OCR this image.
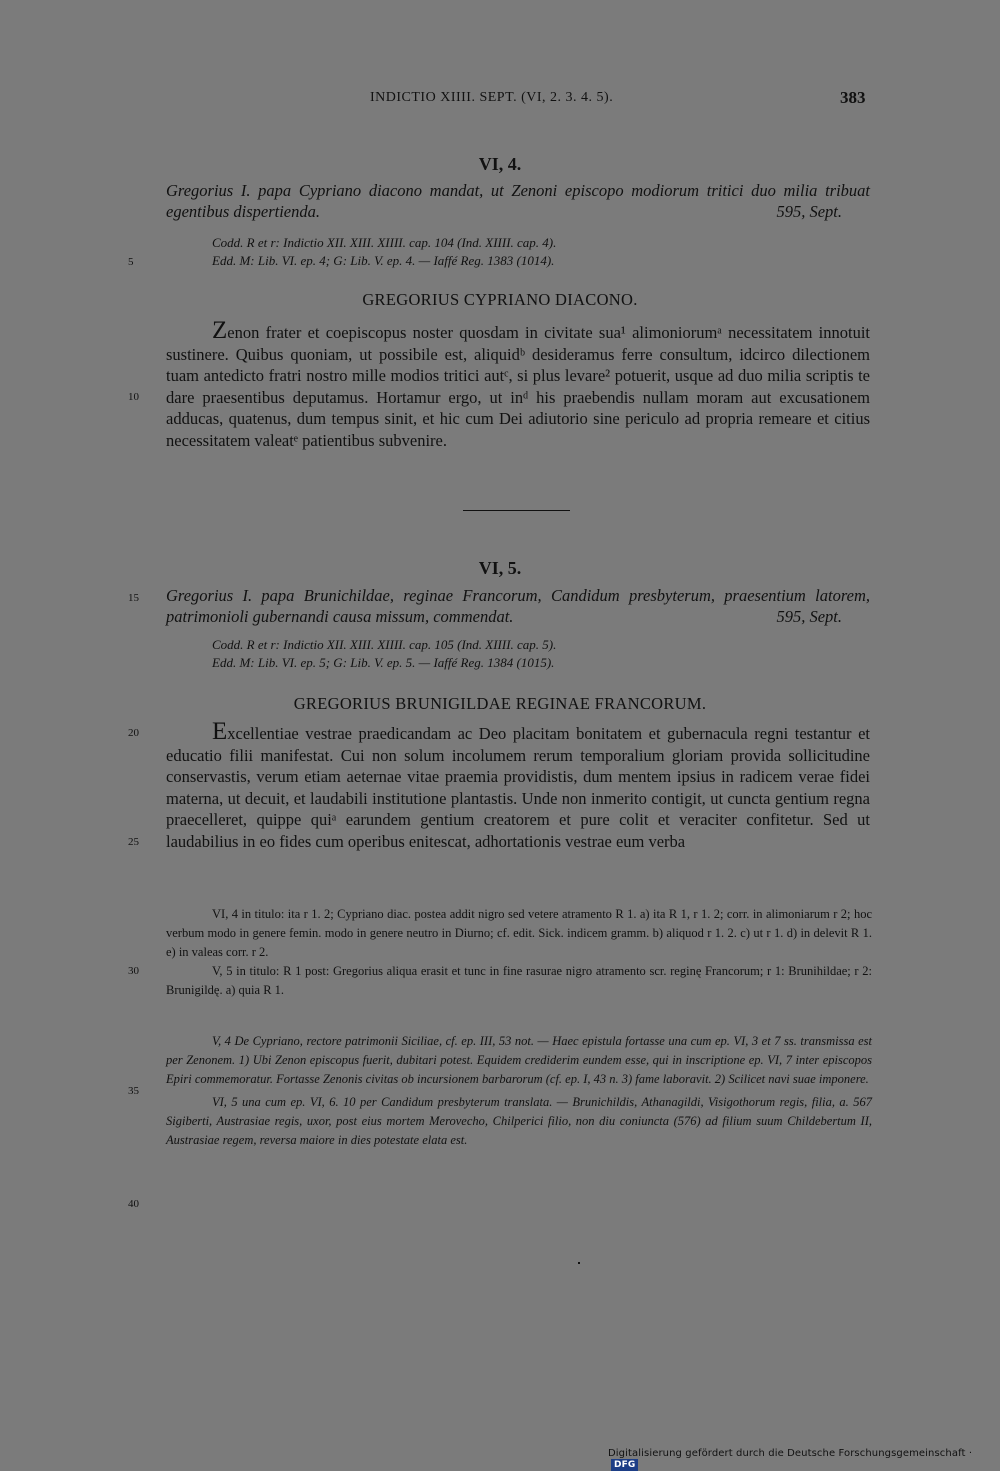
INDICTIO XIIII. SEPT. (VI, 2. 3. 4. 5).	383
VI, 4.
Gregorius I. papa Cypriano diacono mandat, ut Zenoni episcopo modiorum tritici duo milia tribuat egentibus dispertienda.	595, Sept.
Codd. R et r: Indictio XII. XIII. XIIII. cap. 104 (Ind. XIIII. cap. 4).
Edd. M: Lib. VI. ep. 4; G: Lib. V. ep. 4. — Iaffé Reg. 1383 (1014).
GREGORIUS CYPRIANO DIACONO.

Zenon frater et coepiscopus noster quosdam in civitate sua¹ alimoniorumᵃ necessitatem innotuit sustinere. Quibus quoniam, ut possibile est, aliquidᵇ desideramus ferre consultum, idcirco dilectionem tuam antedicto fratri nostro mille modios tritici autᶜ, si plus levare² potuerit, usque ad duo milia scriptis te dare praesentibus deputamus. Hortamur ergo, ut inᵈ his praebendis nullam moram aut excusationem adducas, quatenus, dum tempus sinit, et hic cum Dei adiutorio sine periculo ad propria remeare et citius necessitatem valeatᵉ patientibus subvenire.

VI, 5.
Gregorius I. papa Brunichildae, reginae Francorum, Candidum presbyterum, praesentium latorem, patrimonioli gubernandi causa missum, commendat.	595, Sept.
Codd. R et r: Indictio XII. XIII. XIIII. cap. 105 (Ind. XIIII. cap. 5).
Edd. M: Lib. VI. ep. 5; G: Lib. V. ep. 5. — Iaffé Reg. 1384 (1015).
GREGORIUS BRUNIGILDAE REGINAE FRANCORUM.

Excellentiae vestrae praedicandam ac Deo placitam bonitatem et gubernacula regni testantur et educatio filii manifestat. Cui non solum incolumem rerum temporalium gloriam provida sollicitudine conservastis, verum etiam aeternae vitae praemia providistis, dum mentem ipsius in radicem verae fidei materna, ut decuit, et laudabili institutione plantastis. Unde non inmerito contigit, ut cuncta gentium regna praecelleret, quippe quiᵃ earundem gentium creatorem et pure colit et veraciter confitetur. Sed ut laudabilius in eo fides cum operibus enitescat, adhortationis vestrae eum verba

5
10
15
20
25
30
35
40

VI, 4 in titulo: ita r 1. 2; Cypriano diac. postea addit nigro sed vetere atramento R 1. a) ita R 1, r 1. 2; corr. in alimoniarum r 2; hoc verbum modo in genere femin. modo in genere neutro in Diurno; cf. edit. Sick. indicem gramm. b) aliquod r 1. 2. c) ut r 1. d) in delevit R 1. e) in valeas corr. r 2.

V, 5 in titulo: R 1 post: Gregorius aliqua erasit et tunc in fine rasurae nigro atramento scr. reginę Francorum; r 1: Brunihildae; r 2: Brunigildę. a) quia R 1.

V, 4 De Cypriano, rectore patrimonii Siciliae, cf. ep. III, 53 not. — Haec epistula fortasse una cum ep. VI, 3 et 7 ss. transmissa est per Zenonem. 1) Ubi Zenon episcopus fuerit, dubitari potest. Equidem crediderim eundem esse, qui in inscriptione ep. VI, 7 inter episcopos Epiri commemoratur. Fortasse Zenonis civitas ob incursionem barbarorum (cf. ep. I, 43 n. 3) fame laboravit. 2) Scilicet navi suae imponere.

VI, 5 una cum ep. VI, 6. 10 per Candidum presbyterum translata. — Brunichildis, Athanagildi, Visigothorum regis, filia, a. 567 Sigiberti, Austrasiae regis, uxor, post eius mortem Merovecho, Chilperici filio, non diu coniuncta (576) ad filium suum Childebertum II, Austrasiae regem, reversa maiore in dies potestate elata est.

Digitalisierung gefördert durch die Deutsche Forschungsgemeinschaft ·DFG
